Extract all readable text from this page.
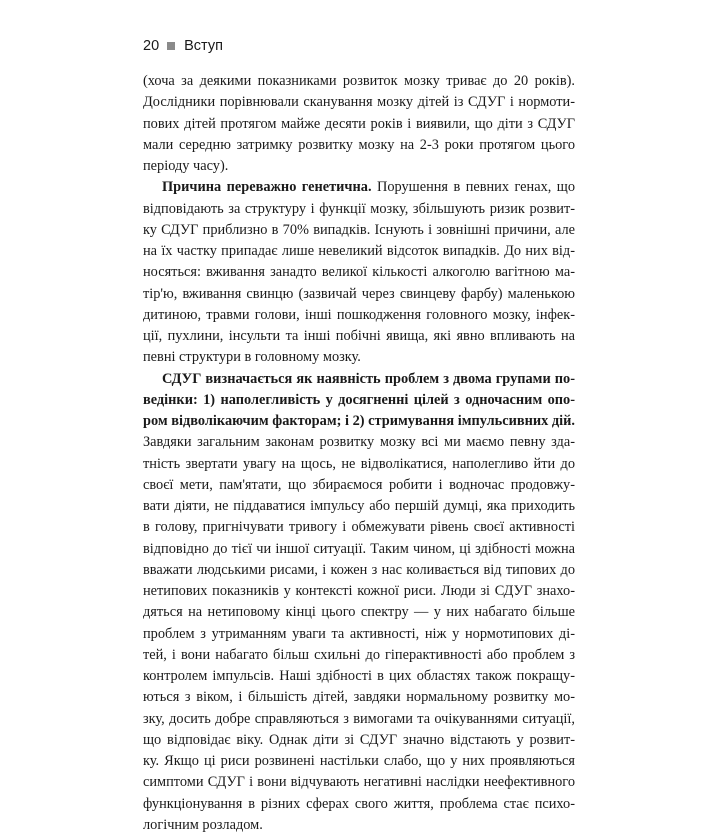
20 Вступ
(хоча за деякими показниками розвиток мозку триває до 20 років).
Дослідники порівнювали сканування мозку дітей із СДУГ і нормоти-
пових дітей протягом майже десяти років і виявили, що діти з СДУГ
мали середню затримку розвитку мозку на 2-3 роки протягом цього
періоду часу).
Причина переважно генетична. Порушення в певних генах, що
відповідають за структуру і функції мозку, збільшують ризик розвит-
ку СДУГ приблизно в 70% випадків. Існують і зовнішні причини, але
на їх частку припадає лише невеликий відсоток випадків. До них від-
носяться: вживання занадто великої кількості алкоголю вагітною ма-
тір'ю, вживання свинцю (зазвичай через свинцеву фарбу) маленькою
дитиною, травми голови, інші пошкодження головного мозку, інфек-
ції, пухлини, інсульти та інші побічні явища, які явно впливають на
певні структури в головному мозку.
СДУГ визначається як наявність проблем з двома групами по-
ведінки: 1) наполегливість у досягненні цілей з одночасним опо-
ром відволікаючим факторам; і 2) стримування імпульсивних дій.
Завдяки загальним законам розвитку мозку всі ми маємо певну зда-
тність звертати увагу на щось, не відволікатися, наполегливо йти до
своєї мети, пам'ятати, що збираємося робити і водночас продовжу-
вати діяти, не піддаватися імпульсу або першій думці, яка приходить
в голову, пригнічувати тривогу і обмежувати рівень своєї активності
відповідно до тієї чи іншої ситуації. Таким чином, ці здібності можна
вважати людськими рисами, і кожен з нас коливається від типових до
нетипових показників у контексті кожної риси. Люди зі СДУГ знахо-
дяться на нетиповому кінці цього спектру — у них набагато більше
проблем з утриманням уваги та активності, ніж у нормотипових ді-
тей, і вони набагато більш схильні до гіперактивності або проблем з
контролем імпульсів. Наші здібності в цих областях також покращу-
ються з віком, і більшість дітей, завдяки нормальному розвитку мо-
зку, досить добре справляються з вимогами та очікуваннями ситуації,
що відповідає віку. Однак діти зі СДУГ значно відстають у розвит-
ку. Якщо ці риси розвинені настільки слабо, що у них проявляються
симптоми СДУГ і вони відчувають негативні наслідки неефективного
функціонування в різних сферах свого життя, проблема стає психо-
логічним розладом.
